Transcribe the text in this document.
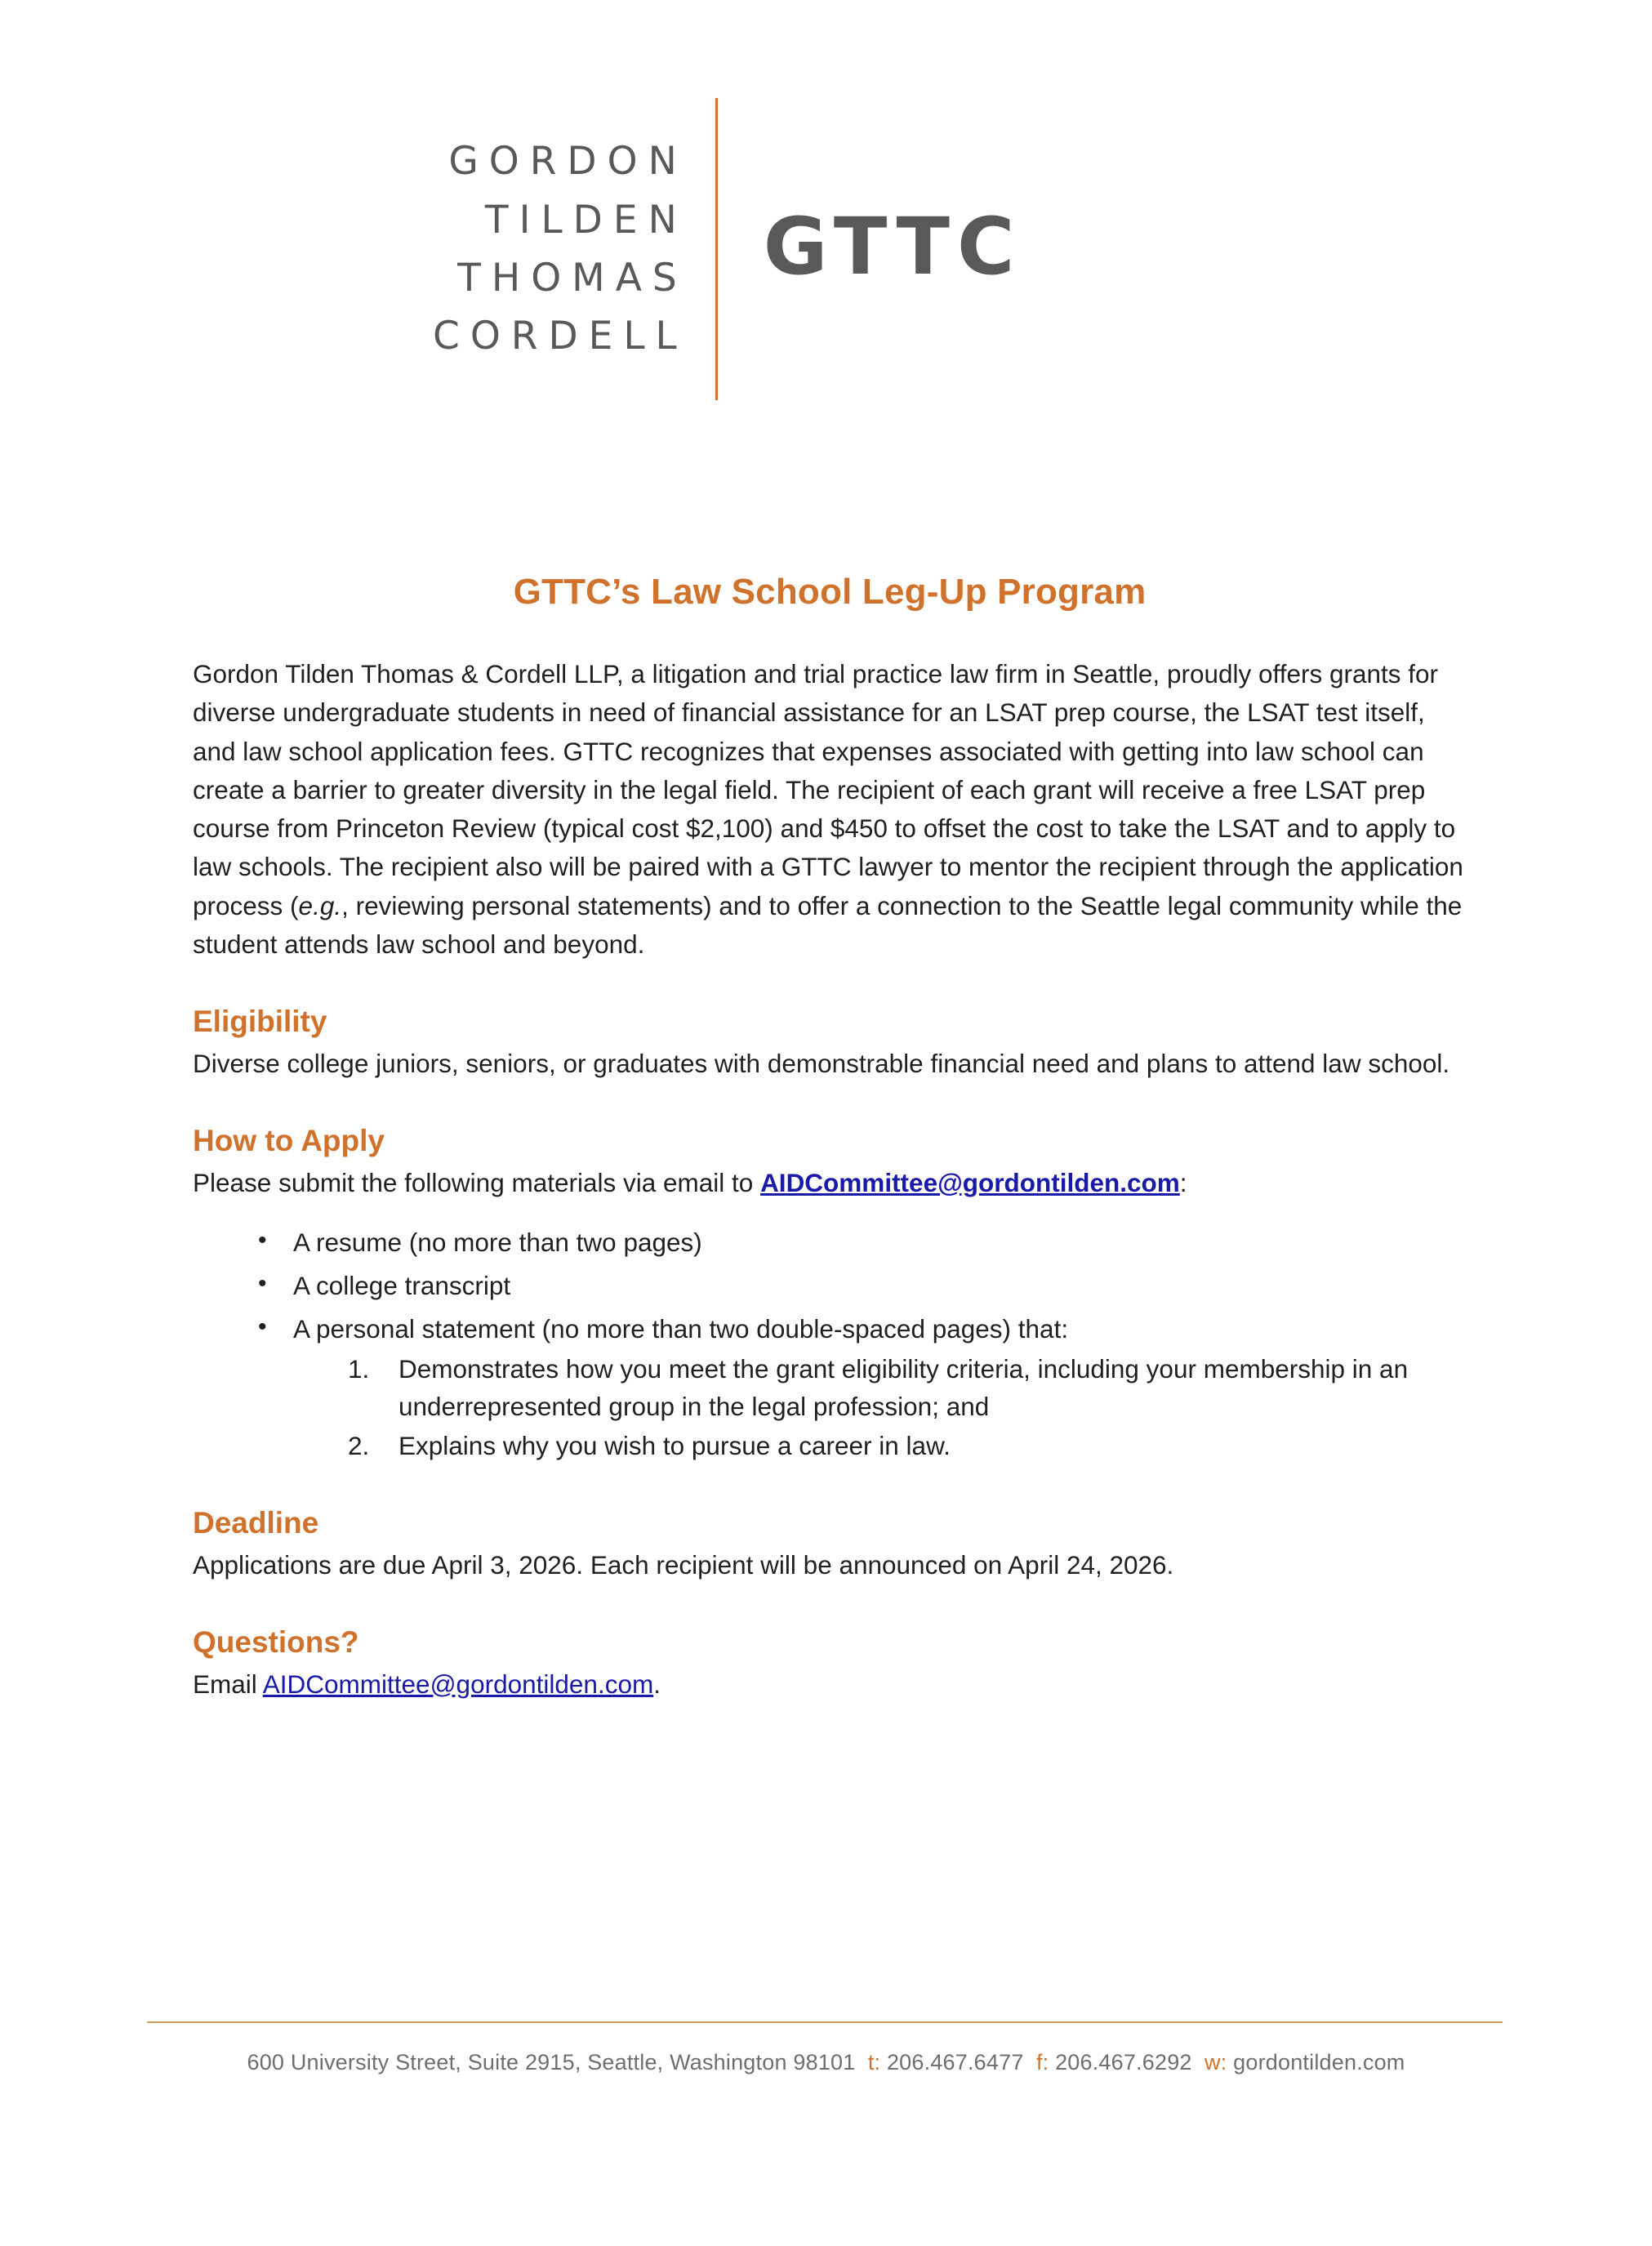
GORDON
TILDEN
THOMAS
CORDELL
GTTC
GTTC’s Law School Leg-Up Program

Gordon Tilden Thomas & Cordell LLP, a litigation and trial practice law firm in Seattle, proudly offers grants for diverse undergraduate students in need of financial assistance for an LSAT prep course, the LSAT test itself, and law school application fees. GTTC recognizes that expenses associated with getting into law school can create a barrier to greater diversity in the legal field. The recipient of each grant will receive a free LSAT prep course from Princeton Review (typical cost $2,100) and $450 to offset the cost to take the LSAT and to apply to law schools. The recipient also will be paired with a GTTC lawyer to mentor the recipient through the application process (e.g., reviewing personal statements) and to offer a connection to the Seattle legal community while the student attends law school and beyond.

Eligibility

Diverse college juniors, seniors, or graduates with demonstrable financial need and plans to attend law school.

How to Apply

Please submit the following materials via email to AIDCommittee@gordontilden.com:

• A resume (no more than two pages)
• A college transcript
• A personal statement (no more than two double-spaced pages) that:
Demonstrates how you meet the grant eligibility criteria, including your membership in an underrepresented group in the legal profession; and
Explains why you wish to pursue a career in law.
Deadline

Applications are due April 3, 2026. Each recipient will be announced on April 24, 2026.

Questions?

Email AIDCommittee@gordontilden.com.

600 University Street, Suite 2915, Seattle, Washington 98101 t: 206.467.6477 f: 206.467.6292 w: gordontilden.com
